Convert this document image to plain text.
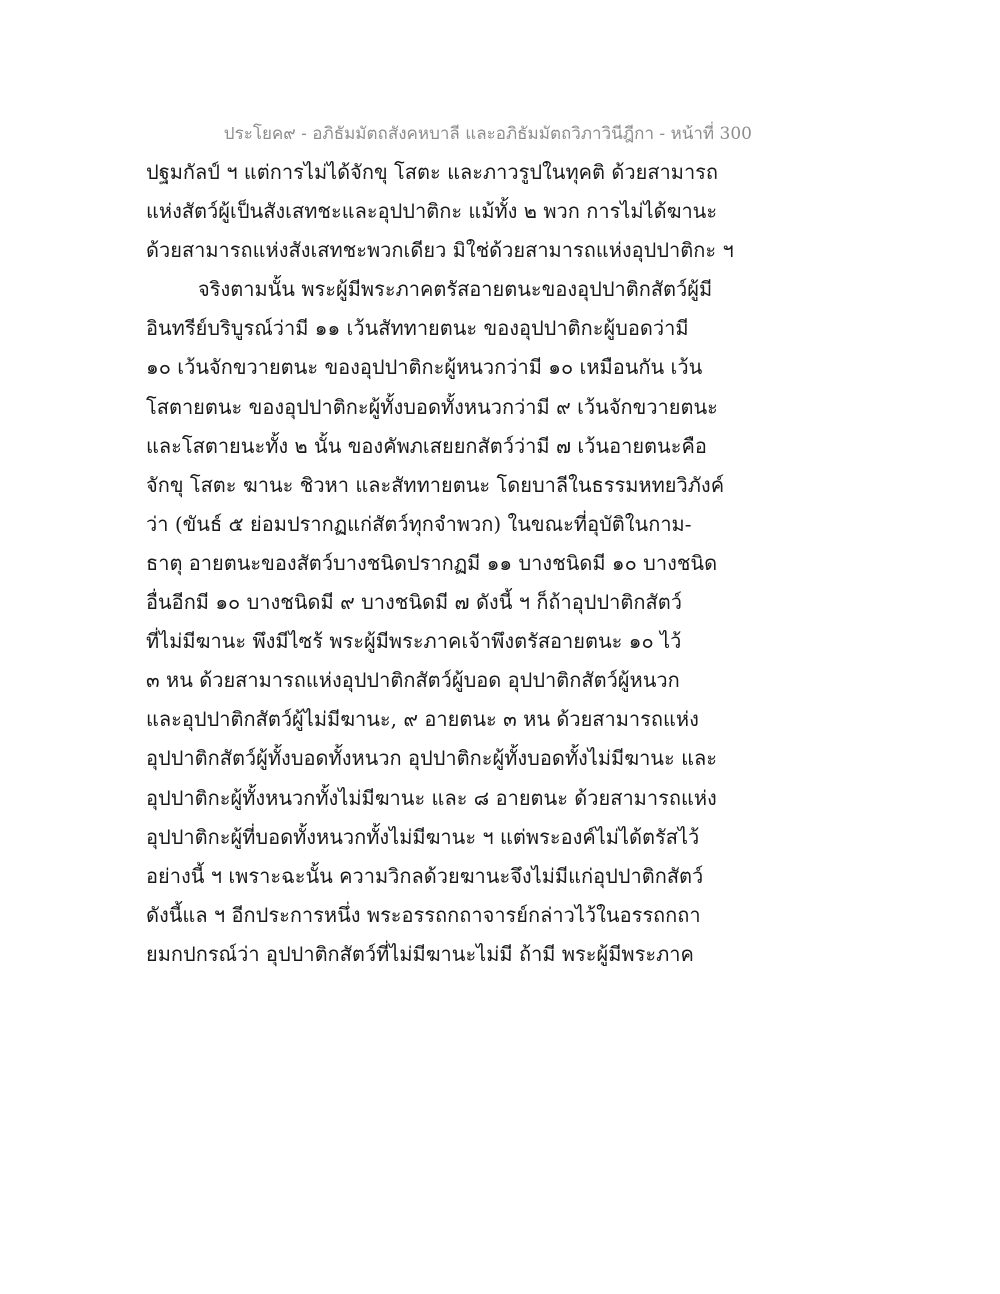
ประโยค๙ - อภิธัมมัตถสังคหบาลี และอภิธัมมัตถวิภาวินีฎีกา - หน้าที่ 300
ปฐมกัลป์ ฯ แต่การไม่ได้จักขุ โสตะ และภาวรูปในทุคติ ด้วยสามารถ
แห่งสัตว์ผู้เป็นสังเสทชะและอุปปาติกะ แม้ทั้ง ๒ พวก การไม่ได้ฆานะ
ด้วยสามารถแห่งสังเสทชะพวกเดียว มิใช่ด้วยสามารถแห่งอุปปาติกะ ฯ
จริงตามนั้น พระผู้มีพระภาคตรัสอายตนะของอุปปาติกสัตว์ผู้มี
อินทรีย์บริบูรณ์ว่ามี ๑๑ เว้นสัททายตนะ ของอุปปาติกะผู้บอดว่ามี
๑๐ เว้นจักขวายตนะ ของอุปปาติกะผู้หนวกว่ามี ๑๐ เหมือนกัน เว้น
โสตายตนะ ของอุปปาติกะผู้ทั้งบอดทั้งหนวกว่ามี ๙ เว้นจักขวายตนะ
และโสตายนะทั้ง ๒ นั้น ของคัพภเสยยกสัตว์ว่ามี ๗ เว้นอายตนะคือ
จักขุ โสตะ ฆานะ ชิวหา และสัททายตนะ โดยบาลีในธรรมหทยวิภังค์
ว่า (ขันธ์ ๕ ย่อมปรากฏแก่สัตว์ทุกจำพวก) ในขณะที่อุบัติในกาม-
ธาตุ อายตนะของสัตว์บางชนิดปรากฏมี ๑๑ บางชนิดมี ๑๐ บางชนิด
อื่นอีกมี ๑๐ บางชนิดมี ๙ บางชนิดมี ๗ ดังนี้ ฯ ก็ถ้าอุปปาติกสัตว์
ที่ไม่มีฆานะ พึงมีไซร้ พระผู้มีพระภาคเจ้าพึงตรัสอายตนะ ๑๐ ไว้
๓ หน ด้วยสามารถแห่งอุปปาติกสัตว์ผู้บอด อุปปาติกสัตว์ผู้หนวก
และอุปปาติกสัตว์ผู้ไม่มีฆานะ, ๙ อายตนะ ๓ หน ด้วยสามารถแห่ง
อุปปาติกสัตว์ผู้ทั้งบอดทั้งหนวก อุปปาติกะผู้ทั้งบอดทั้งไม่มีฆานะ และ
อุปปาติกะผู้ทั้งหนวกทั้งไม่มีฆานะ และ ๘ อายตนะ ด้วยสามารถแห่ง
อุปปาติกะผู้ที่บอดทั้งหนวกทั้งไม่มีฆานะ ฯ แต่พระองค์ไม่ได้ตรัสไว้
อย่างนี้ ฯ เพราะฉะนั้น ความวิกลด้วยฆานะจึงไม่มีแก่อุปปาติกสัตว์
ดังนี้แล ฯ อีกประการหนึ่ง พระอรรถกถาจารย์กล่าวไว้ในอรรถกถา
ยมกปกรณ์ว่า อุปปาติกสัตว์ที่ไม่มีฆานะไม่มี ถ้ามี พระผู้มีพระภาค
